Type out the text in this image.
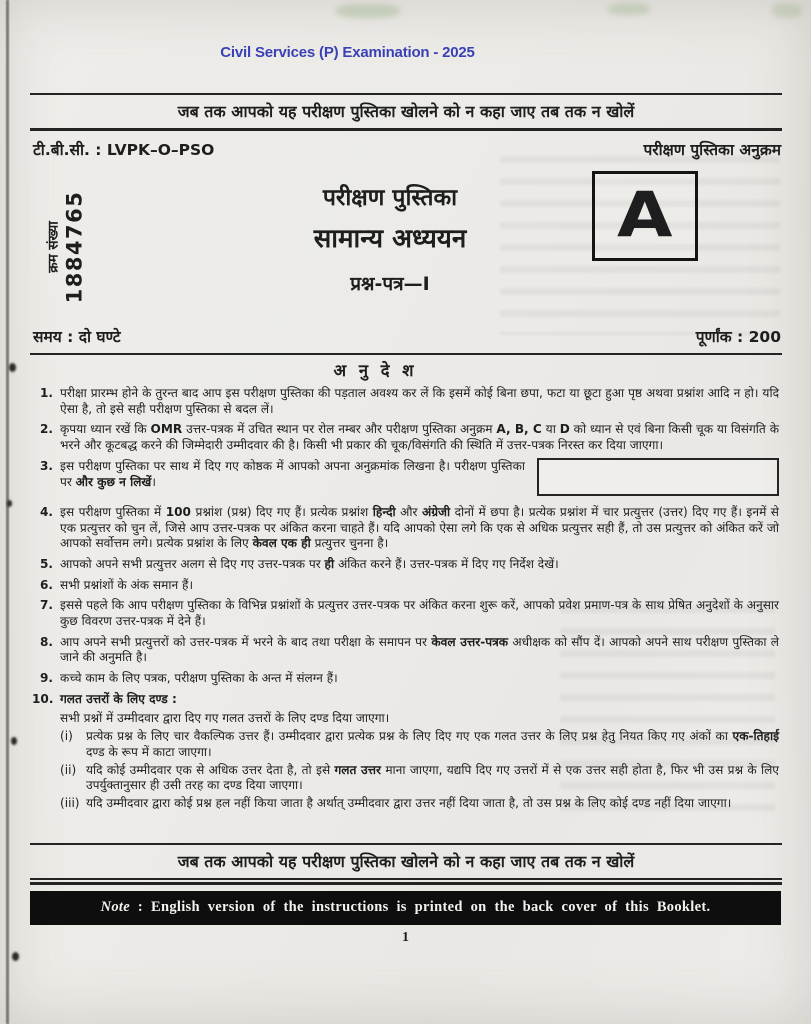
Civil Services (P) Examination - 2025
जब तक आपको यह परीक्षण पुस्तिका खोलने को न कहा जाए तब तक न खोलें
टी.बी.सी. : LVPK–O–PSO	परीक्षण पुस्तिका अनुक्रम
क्रम संख्या 1884765	परीक्षण पुस्तिका
सामान्य अध्ययन
प्रश्न-पत्र—I
A
समय : दो घण्टे	पूर्णांक : 200
अ नु दे श
1. परीक्षा प्रारम्भ होने के तुरन्त बाद आप इस परीक्षण पुस्तिका की पड़ताल अवश्य कर लें कि इसमें कोई बिना छपा, फटा या छूटा हुआ पृष्ठ अथवा प्रश्नांश आदि न हो। यदि ऐसा है, तो इसे सही परीक्षण पुस्तिका से बदल लें।
2. कृपया ध्यान रखें कि OMR उत्तर-पत्रक में उचित स्थान पर रोल नम्बर और परीक्षण पुस्तिका अनुक्रम A, B, C या D को ध्यान से एवं बिना किसी चूक या विसंगति के भरने और कूटबद्ध करने की जिम्मेदारी उम्मीदवार की है। किसी भी प्रकार की चूक/विसंगति की स्थिति में उत्तर-पत्रक निरस्त कर दिया जाएगा।
3. इस परीक्षण पुस्तिका पर साथ में दिए गए कोष्ठक में आपको अपना अनुक्रमांक लिखना है। परीक्षण पुस्तिका पर और कुछ न लिखें।
4. इस परीक्षण पुस्तिका में 100 प्रश्नांश (प्रश्न) दिए गए हैं। प्रत्येक प्रश्नांश हिन्दी और अंग्रेजी दोनों में छपा है। प्रत्येक प्रश्नांश में चार प्रत्युत्तर (उत्तर) दिए गए हैं। इनमें से एक प्रत्युत्तर को चुन लें, जिसे आप उत्तर-पत्रक पर अंकित करना चाहते हैं। यदि आपको ऐसा लगे कि एक से अधिक प्रत्युत्तर सही हैं, तो उस प्रत्युत्तर को अंकित करें जो आपको सर्वोत्तम लगे। प्रत्येक प्रश्नांश के लिए केवल एक ही प्रत्युत्तर चुनना है।
5. आपको अपने सभी प्रत्युत्तर अलग से दिए गए उत्तर-पत्रक पर ही अंकित करने हैं। उत्तर-पत्रक में दिए गए निर्देश देखें।
6. सभी प्रश्नांशों के अंक समान हैं।
7. इससे पहले कि आप परीक्षण पुस्तिका के विभिन्न प्रश्नांशों के प्रत्युत्तर उत्तर-पत्रक पर अंकित करना शुरू करें, आपको प्रवेश प्रमाण-पत्र के साथ प्रेषित अनुदेशों के अनुसार कुछ विवरण उत्तर-पत्रक में देने हैं।
8. आप अपने सभी प्रत्युत्तरों को उत्तर-पत्रक में भरने के बाद तथा परीक्षा के समापन पर केवल उत्तर-पत्रक अधीक्षक को सौंप दें। आपको अपने साथ परीक्षण पुस्तिका ले जाने की अनुमति है।
9. कच्चे काम के लिए पत्रक, परीक्षण पुस्तिका के अन्त में संलग्न हैं।
10. गलत उत्तरों के लिए दण्ड :
सभी प्रश्नों में उम्मीदवार द्वारा दिए गए गलत उत्तरों के लिए दण्ड दिया जाएगा।
(i)	प्रत्येक प्रश्न के लिए चार वैकल्पिक उत्तर हैं। उम्मीदवार द्वारा प्रत्येक प्रश्न के लिए दिए गए एक गलत उत्तर के लिए प्रश्न हेतु नियत किए गए अंकों का एक-तिहाई दण्ड के रूप में काटा जाएगा।
(ii) यदि कोई उम्मीदवार एक से अधिक उत्तर देता है, तो इसे गलत उत्तर माना जाएगा, यद्यपि दिए गए उत्तरों में से एक उत्तर सही होता है, फिर भी उस प्रश्न के लिए उपर्युक्तानुसार ही उसी तरह का दण्ड दिया जाएगा।
(iii) यदि उम्मीदवार द्वारा कोई प्रश्न हल नहीं किया जाता है अर्थात् उम्मीदवार द्वारा उत्तर नहीं दिया जाता है, तो उस प्रश्न के लिए कोई दण्ड नहीं दिया जाएगा।
जब तक आपको यह परीक्षण पुस्तिका खोलने को न कहा जाए तब तक न खोलें
Note : English version of the instructions is printed on the back cover of this Booklet.
1
